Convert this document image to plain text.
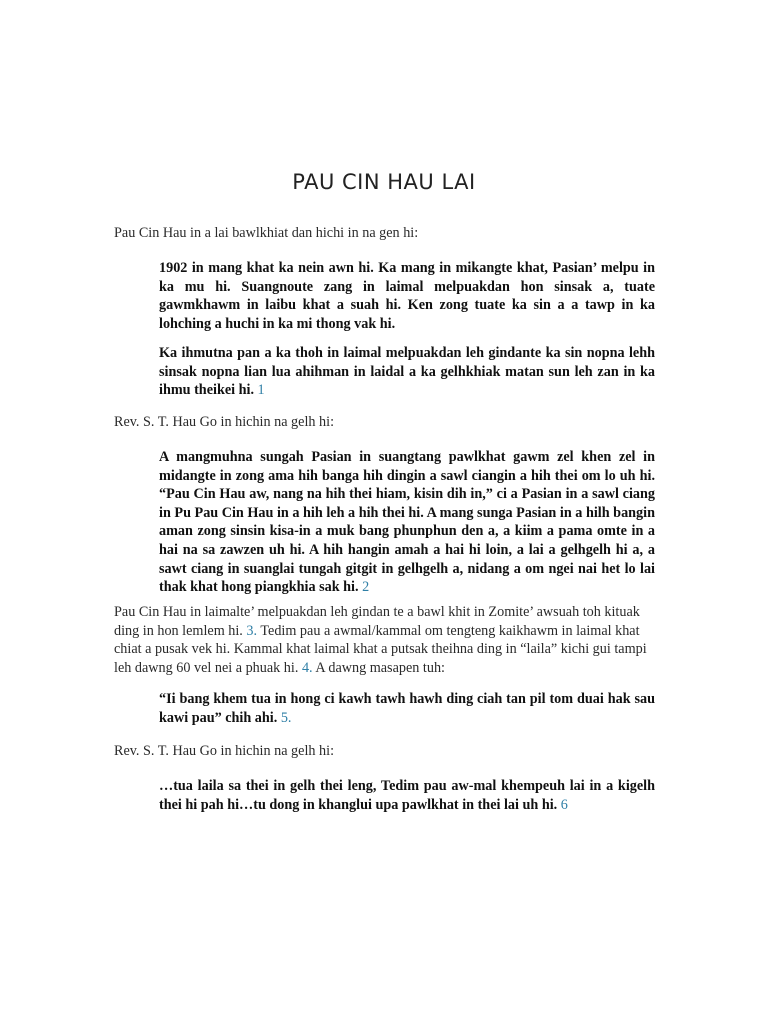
PAU CIN HAU LAI

Pau Cin Hau in a lai bawlkhiat dan hichi in na gen hi:

1902 in mang khat ka nein awn hi. Ka mang in mikangte khat, Pasian’ melpu in ka mu hi. Suangnoute zang in laimal melpuakdan hon sinsak a, tuate gawmkhawm in laibu khat a suah hi. Ken zong tuate ka sin a a tawp in ka lohching a huchi in ka mi thong vak hi.

Ka ihmutna pan a ka thoh in laimal melpuakdan leh gindante ka sin nopna lehh sinsak nopna lian lua ahihman in laidal a ka gelhkhiak matan sun leh zan in ka ihmu theikei hi. 1

Rev. S. T. Hau Go in hichin na gelh hi:

A mangmuhna sungah Pasian in suangtang pawlkhat gawm zel khen zel in midangte in zong ama hih banga hih dingin a sawl ciangin a hih thei om lo uh hi. “Pau Cin Hau aw, nang na hih thei hiam, kisin dih in,” ci a Pasian in a sawl ciang in Pu Pau Cin Hau in a hih leh a hih thei hi. A mang sunga Pasian in a hilh bangin aman zong sinsin kisa-in a muk bang phunphun den a, a kiim a pama omte in a hai na sa zawzen uh hi. A hih hangin amah a hai hi loin, a lai a gelhgelh hi a, a sawt ciang in suanglai tungah gitgit in gelhgelh a, nidang a om ngei nai het lo lai thak khat hong piangkhia sak hi. 2

Pau Cin Hau in laimalte’ melpuakdan leh gindan te a bawl khit in Zomite’ awsuah toh kituak ding in hon lemlem hi. 3. Tedim pau a awmal/kammal om tengteng kaikhawm in laimal khat chiat a pusak vek hi. Kammal khat laimal khat a putsak theihna ding in “laila” kichi gui tampi leh dawng 60 vel nei a phuak hi. 4. A dawng masapen tuh:

“Ii bang khem tua in hong ci kawh tawh hawh ding ciah tan pil tom duai hak sau kawi pau” chih ahi. 5.

Rev. S. T. Hau Go in hichin na gelh hi:

…tua laila sa thei in gelh thei leng, Tedim pau aw-mal khempeuh lai in a kigelh thei hi pah hi…tu dong in khanglui upa pawlkhat in thei lai uh hi. 6
